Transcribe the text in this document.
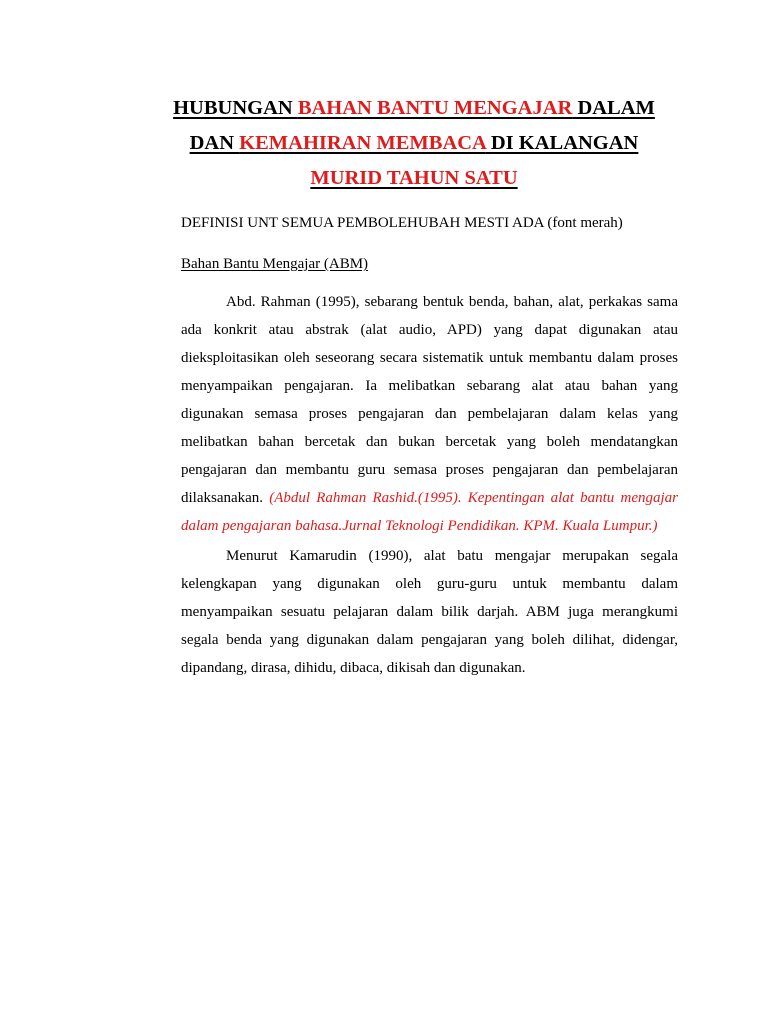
HUBUNGAN BAHAN BANTU MENGAJAR DALAM
DAN KEMAHIRAN MEMBACA DI KALANGAN
MURID TAHUN SATU
DEFINISI UNT SEMUA PEMBOLEHUBAH MESTI ADA (font merah)
Bahan Bantu Mengajar (ABM)

Abd. Rahman (1995), sebarang bentuk benda, bahan, alat, perkakas sama ada konkrit atau abstrak (alat audio, APD) yang dapat digunakan atau dieksploitasikan oleh seseorang secara sistematik untuk membantu dalam proses menyampaikan pengajaran. Ia melibatkan sebarang alat atau bahan yang digunakan semasa proses pengajaran dan pembelajaran dalam kelas yang melibatkan bahan bercetak dan bukan bercetak yang boleh mendatangkan pengajaran dan membantu guru semasa proses pengajaran dan pembelajaran dilaksanakan. (Abdul Rahman Rashid.(1995). Kepentingan alat bantu mengajar dalam pengajaran bahasa.Jurnal Teknologi Pendidikan. KPM. Kuala Lumpur.)

Menurut Kamarudin (1990), alat batu mengajar merupakan segala kelengkapan yang digunakan oleh guru-guru untuk membantu dalam menyampaikan sesuatu pelajaran dalam bilik darjah. ABM juga merangkumi segala benda yang digunakan dalam pengajaran yang boleh dilihat, didengar, dipandang, dirasa, dihidu, dibaca, dikisah dan digunakan.
